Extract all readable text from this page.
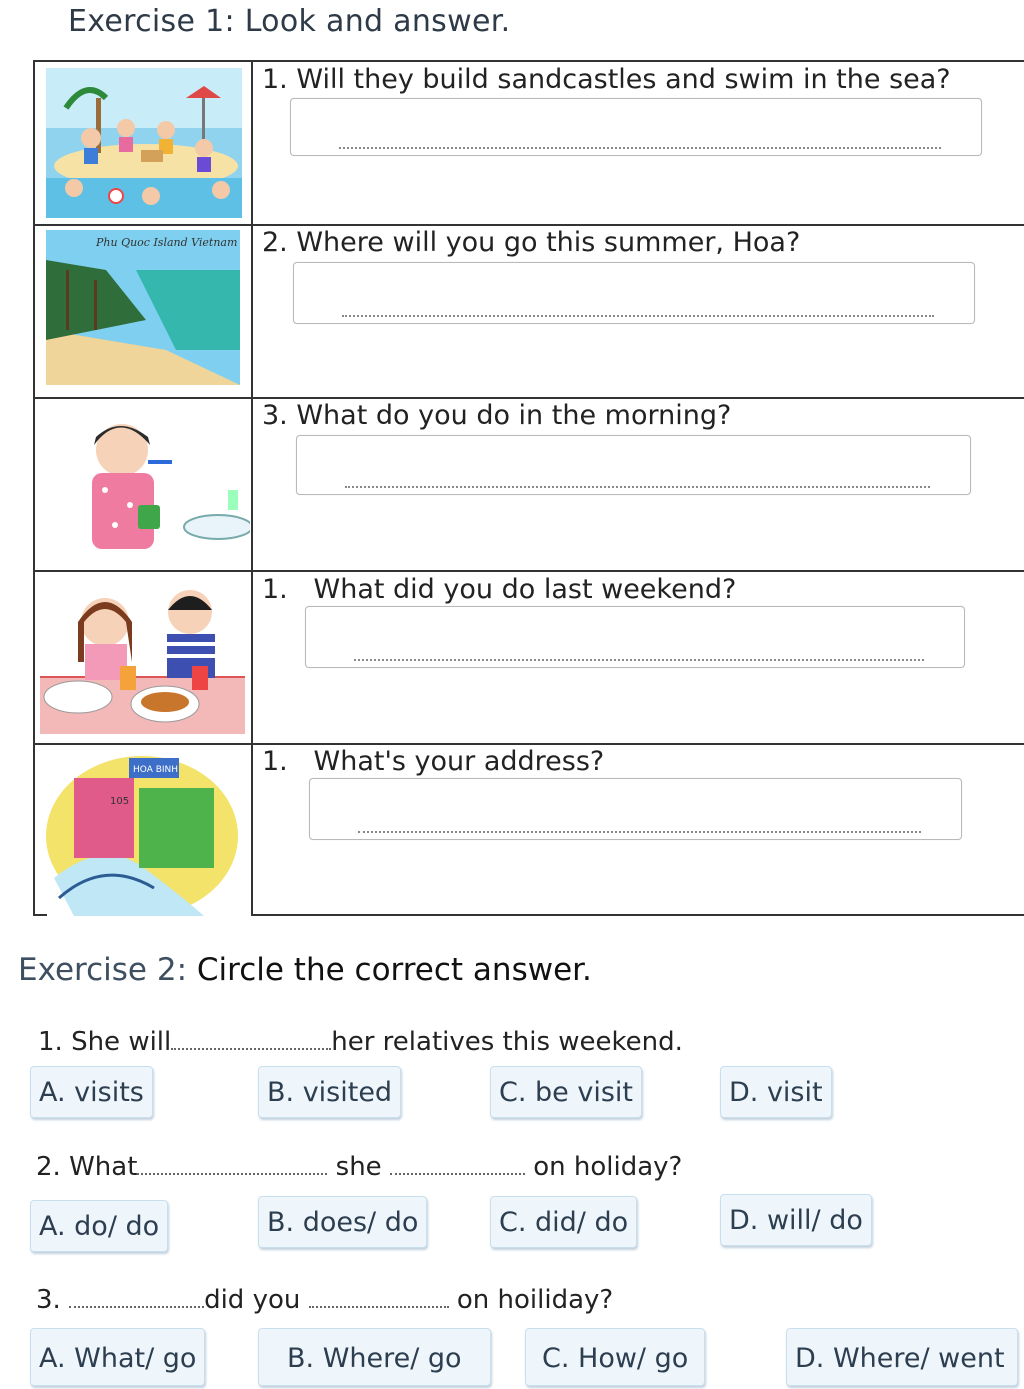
Exercise 1: Look and answer.
1. Will they build sandcastles and swim in the sea?
Phu Quoc Island Vietnam 2. Where will you go this summer, Hoa?
3. What do you do in the morning?
1. What did you do last weekend?
HOA BINH
105
1. What's your address?
Exercise 2: Circle the correct answer.
1. She will	her relatives this weekend.
A. visits	B. visited	C. be visit	D. visit
2. What	she	on holiday?
A. do/ do	B. does/ do	C. did/ do	D. will/ do
3.	did you	on hoiliday?
A. What/ go	B. Where/ go	C. How/ go	D. Where/ went
